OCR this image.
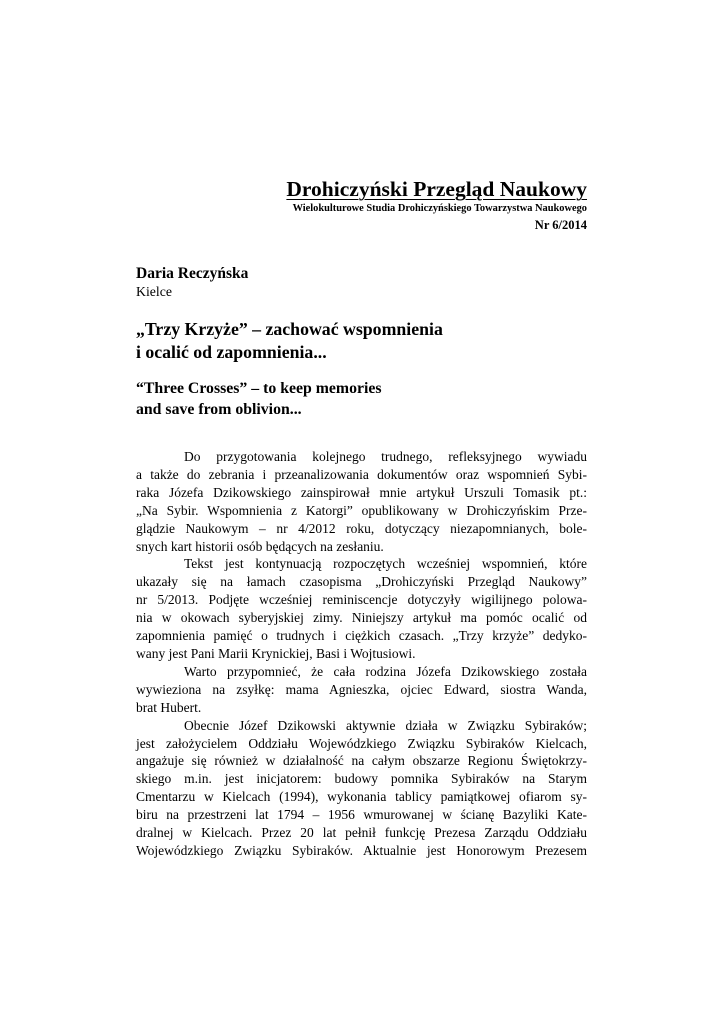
Drohiczyński Przegląd Naukowy
Wielokulturowe Studia Drohiczyńskiego Towarzystwa Naukowego
Nr 6/2014
Daria Reczyńska
Kielce
„Trzy Krzyże” – zachować wspomnienia
i ocalić od zapomnienia...
“Three Crosses” – to keep memories
and save from oblivion...
Do przygotowania kolejnego trudnego, refleksyjnego wywiadu
a także do zebrania i przeanalizowania dokumentów oraz wspomnień Sybi-
raka Józefa Dzikowskiego zainspirował mnie artykuł Urszuli Tomasik pt.:
„Na Sybir. Wspomnienia z Katorgi” opublikowany w Drohiczyńskim Prze-
glądzie Naukowym – nr 4/2012 roku, dotyczący niezapomnianych, bole-
snych kart historii osób będących na zesłaniu.
Tekst jest kontynuacją rozpoczętych wcześniej wspomnień, które
ukazały się na łamach czasopisma „Drohiczyński Przegląd Naukowy”
nr 5/2013. Podjęte wcześniej reminiscencje dotyczyły wigilijnego polowa-
nia w okowach syberyjskiej zimy. Niniejszy artykuł ma pomóc ocalić od
zapomnienia pamięć o trudnych i ciężkich czasach. „Trzy krzyże” dedyko-
wany jest Pani Marii Krynickiej, Basi i Wojtusiowi.
Warto przypomnieć, że cała rodzina Józefa Dzikowskiego została
wywieziona na zsyłkę: mama Agnieszka, ojciec Edward, siostra Wanda,
brat Hubert.
Obecnie Józef Dzikowski aktywnie działa w Związku Sybiraków;
jest założycielem Oddziału Wojewódzkiego Związku Sybiraków Kielcach,
angażuje się również w działalność na całym obszarze Regionu Świętokrzy-
skiego m.in. jest inicjatorem: budowy pomnika Sybiraków na Starym
Cmentarzu w Kielcach (1994), wykonania tablicy pamiątkowej ofiarom sy-
biru na przestrzeni lat 1794 – 1956 wmurowanej w ścianę Bazyliki Kate-
dralnej w Kielcach. Przez 20 lat pełnił funkcję Prezesa Zarządu Oddziału
Wojewódzkiego Związku Sybiraków. Aktualnie jest Honorowym Prezesem
